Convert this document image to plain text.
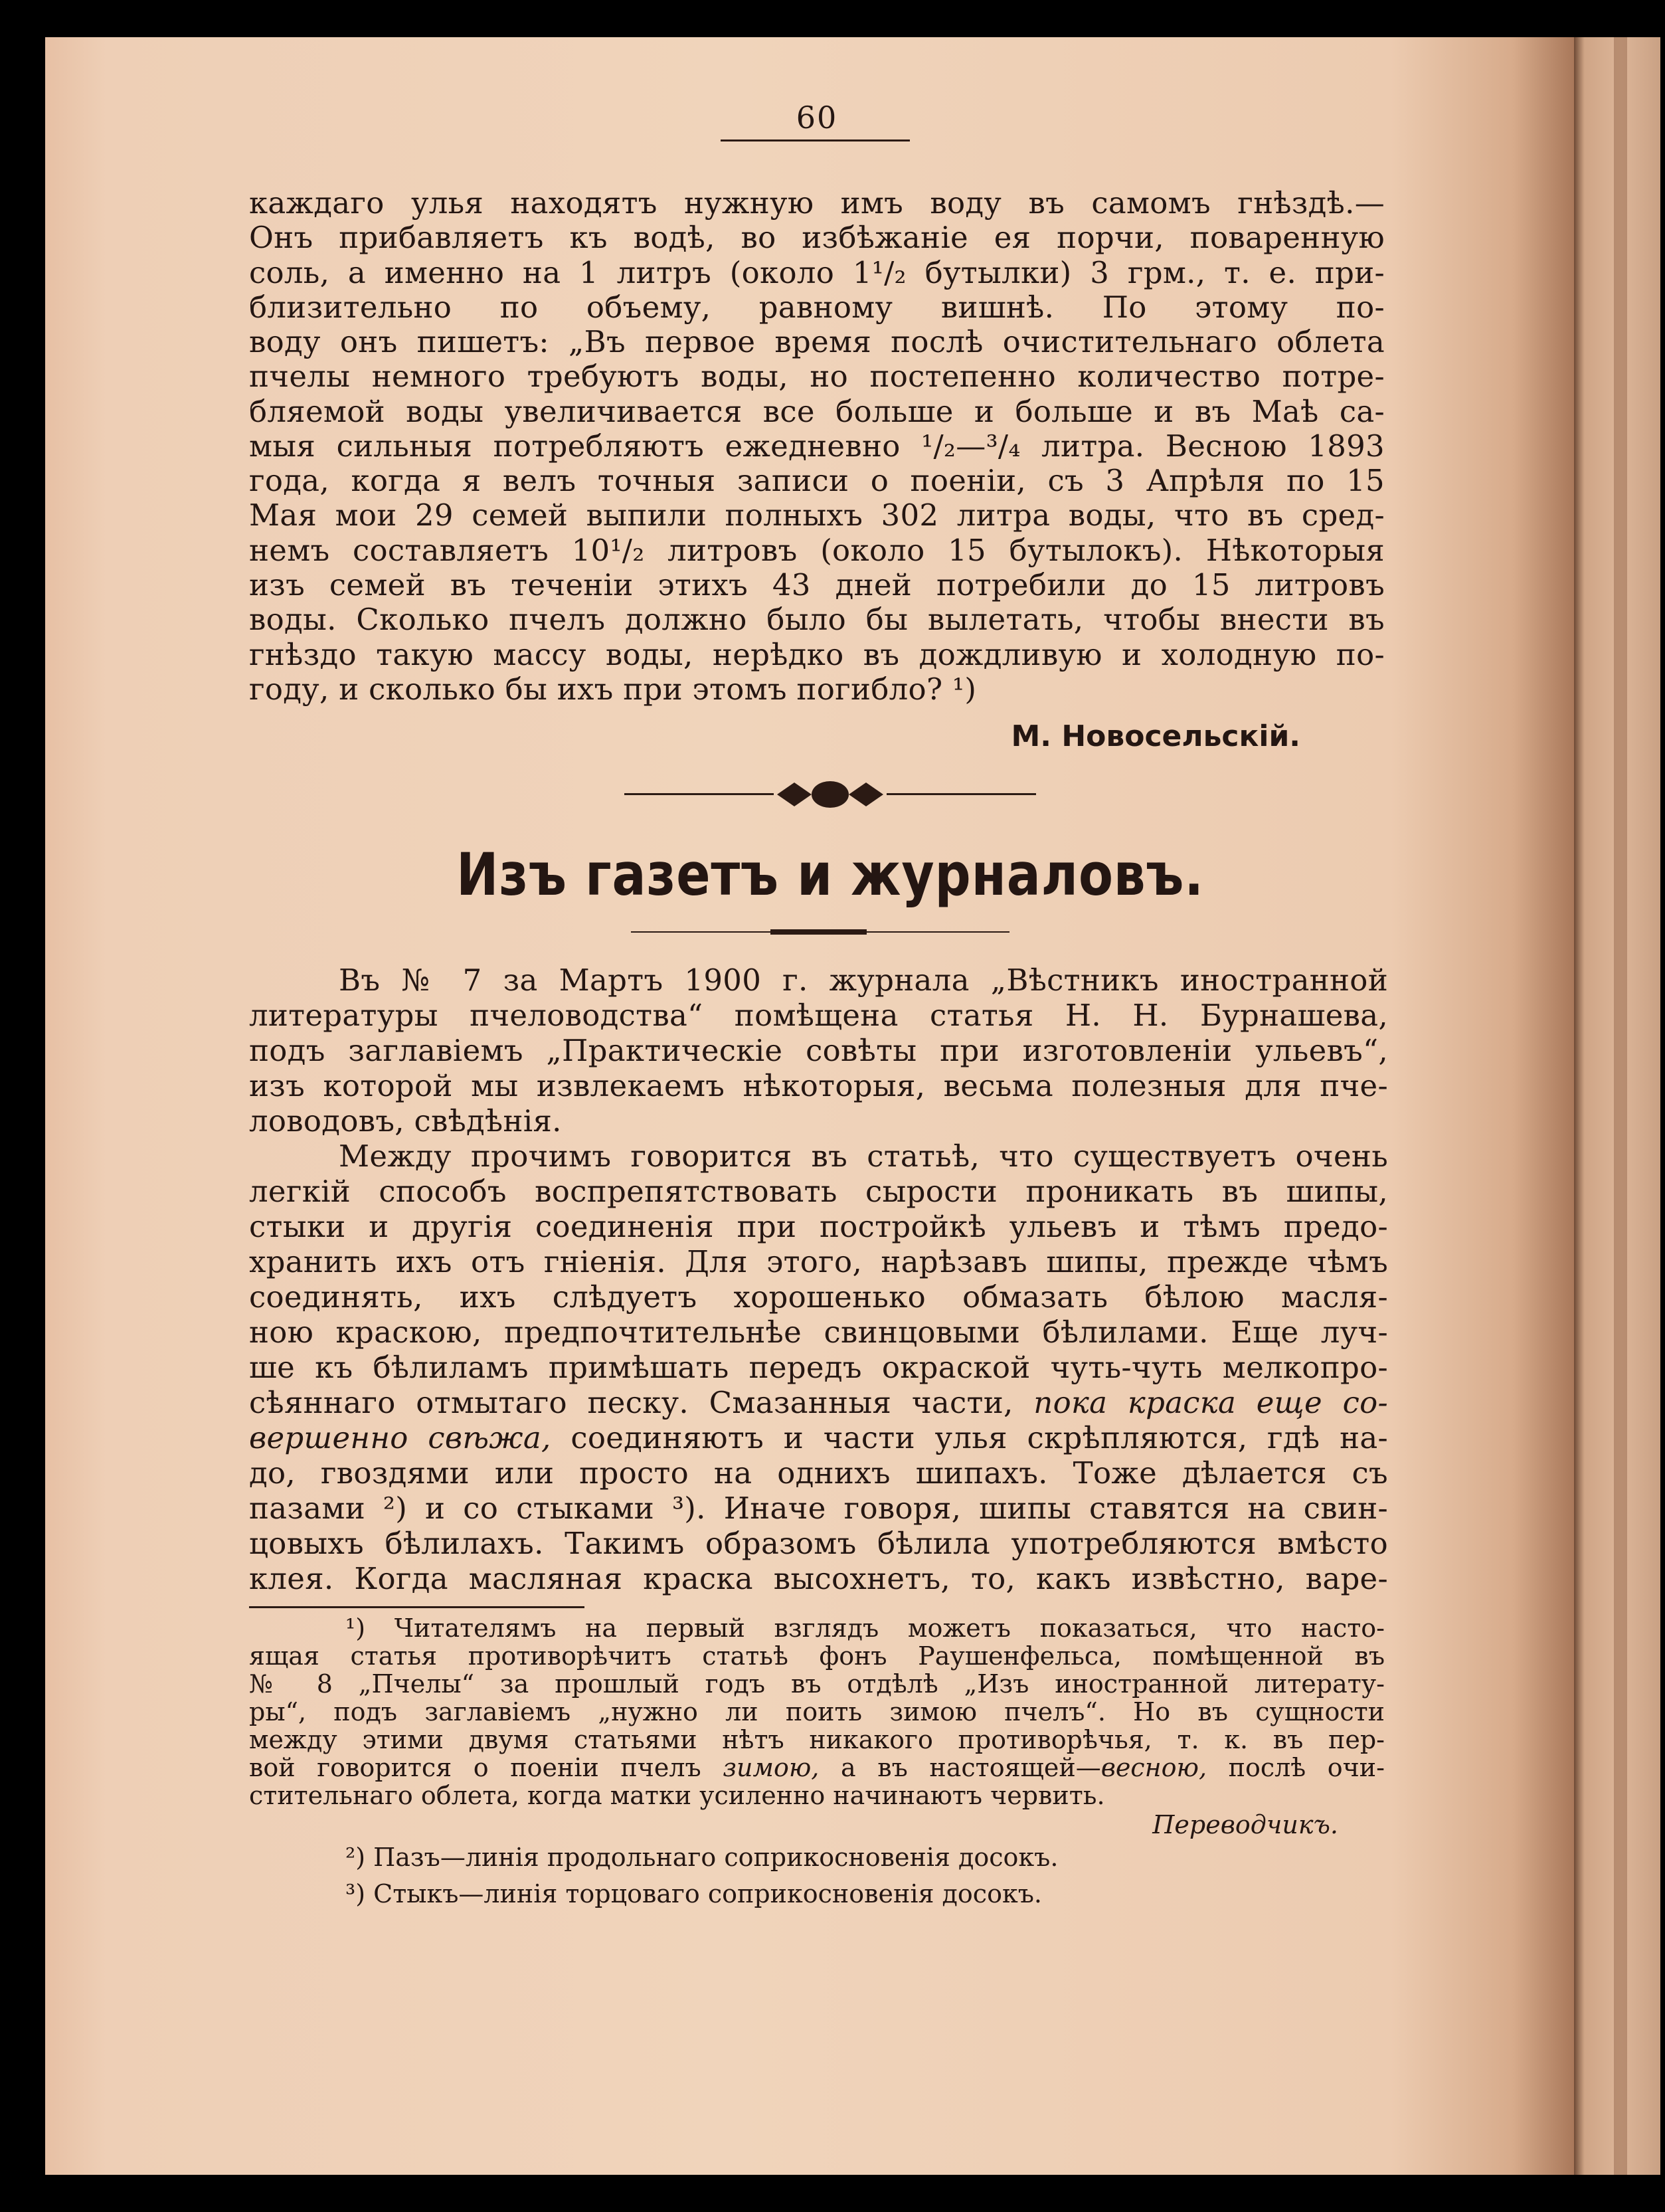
60
каждаго улья находятъ нужную имъ воду въ самомъ гнѣздѣ.—
Онъ прибавляетъ къ водѣ, во избѣжаніе ея порчи, поваренную
соль, а именно на 1 литръ (около 1¹/₂ бутылки) 3 грм., т. е. при-
близительно по объему, равному вишнѣ. По этому по-
воду онъ пишетъ: „Въ первое время послѣ очистительнаго облета
пчелы немного требуютъ воды, но постепенно количество потре-
бляемой воды увеличивается все больше и больше и въ Маѣ са-
мыя сильныя потребляютъ ежедневно ¹/₂—³/₄ литра. Весною 1893
года, когда я велъ точныя записи о поеніи, съ 3 Апрѣля по 15
Мая мои 29 семей выпили полныхъ 302 литра воды, что въ сред-
немъ составляетъ 10¹/₂ литровъ (около 15 бутылокъ). Нѣкоторыя
изъ семей въ теченіи этихъ 43 дней потребили до 15 литровъ
воды. Сколько пчелъ должно было бы вылетать, чтобы внести въ
гнѣздо такую массу воды, нерѣдко въ дождливую и холодную по-
году, и сколько бы ихъ при этомъ погибло? ¹)
М. Новосельскій.
Изъ газетъ и журналовъ.
Въ № 7 за Мартъ 1900 г. журнала „Вѣстникъ иностранной
литературы пчеловодства“ помѣщена статья Н. Н. Бурнашева,
подъ заглавіемъ „Практическіе совѣты при изготовленіи ульевъ“,
изъ которой мы извлекаемъ нѣкоторыя, весьма полезныя для пче-
ловодовъ, свѣдѣнія.
Между прочимъ говорится въ статьѣ, что существуетъ очень
легкій способъ воспрепятствовать сырости проникать въ шипы,
стыки и другія соединенія при постройкѣ ульевъ и тѣмъ предо-
хранить ихъ отъ гніенія. Для этого, нарѣзавъ шипы, прежде чѣмъ
соединять, ихъ слѣдуетъ хорошенько обмазать бѣлою масля-
ною краскою, предпочтительнѣе свинцовыми бѣлилами. Еще луч-
ше къ бѣлиламъ примѣшать передъ окраской чуть-чуть мелкопро-
сѣяннаго отмытаго песку. Смазанныя части, пока краска еще со-
вершенно свѣжа, соединяютъ и части улья скрѣпляются, гдѣ на-
до, гвоздями или просто на однихъ шипахъ. Тоже дѣлается съ
пазами ²) и со стыками ³). Иначе говоря, шипы ставятся на свин-
цовыхъ бѣлилахъ. Такимъ образомъ бѣлила употребляются вмѣсто
клея. Когда масляная краска высохнетъ, то, какъ извѣстно, варе-
¹) Читателямъ на первый взглядъ можетъ показаться, что насто-
ящая статья противорѣчитъ статьѣ фонъ Раушенфельса, помѣщенной въ
№ 8 „Пчелы“ за прошлый годъ въ отдѣлѣ „Изъ иностранной литерату-
ры“, подъ заглавіемъ „нужно ли поить зимою пчелъ“. Но въ сущности
между этими двумя статьями нѣтъ никакого противорѣчья, т. к. въ пер-
вой говорится о поеніи пчелъ зимою, а въ настоящей—весною, послѣ очи-
стительнаго облета, когда матки усиленно начинаютъ червить.
Переводчикъ.
²) Пазъ—линія продольнаго соприкосновенія досокъ.
³) Стыкъ—линія торцоваго соприкосновенія досокъ.
